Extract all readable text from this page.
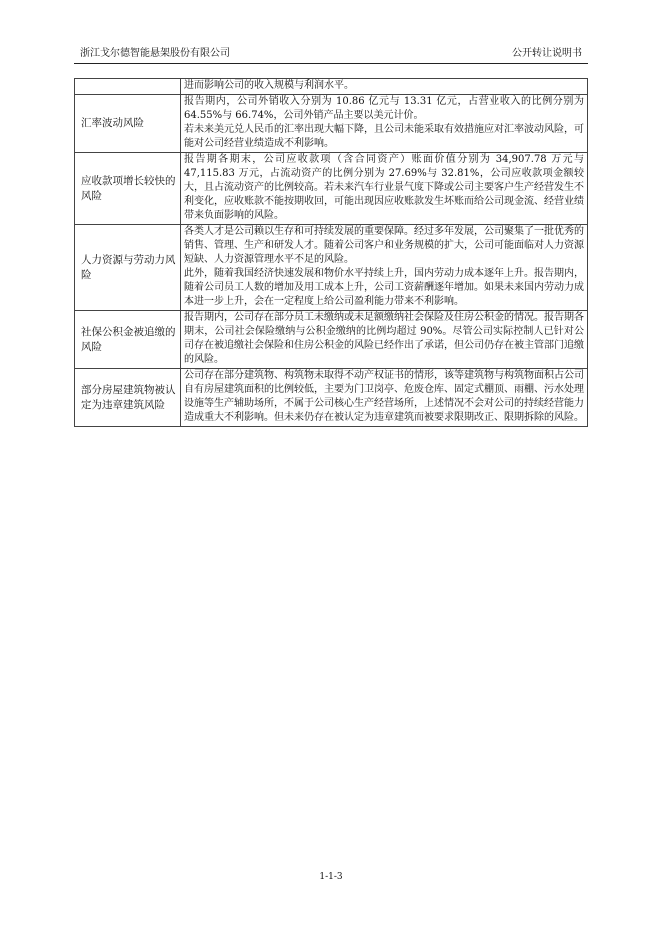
浙江戈尔德智能悬架股份有限公司	公开转让说明书

	进而影响公司的收入规模与利润水平。

汇率波动风险	报告期内，公司外销收入分别为 10.86 亿元与 13.31 亿元，占营业收入的比例分别为 64.55%与 66.74%，公司外销产品主要以美元计价。

若未来美元兑人民币的汇率出现大幅下降，且公司未能采取有效措施应对汇率波动风险，可能对公司经营业绩造成不利影响。

应收款项增长较快的风险	报告期各期末，公司应收款项（含合同资产）账面价值分别为 34,907.78 万元与 47,115.83 万元，占流动资产的比例分别为 27.69%与 32.81%，公司应收款项金额较大，且占流动资产的比例较高。若未来汽车行业景气度下降或公司主要客户生产经营发生不利变化，应收账款不能按期收回，可能出现因应收账款发生坏账而给公司现金流、经营业绩带来负面影响的风险。

人力资源与劳动力风险	各类人才是公司赖以生存和可持续发展的重要保障。经过多年发展，公司聚集了一批优秀的销售、管理、生产和研发人才。随着公司客户和业务规模的扩大，公司可能面临对人力资源短缺、人力资源管理水平不足的风险。

此外，随着我国经济快速发展和物价水平持续上升，国内劳动力成本逐年上升。报告期内，随着公司员工人数的增加及用工成本上升，公司工资薪酬逐年增加。如果未来国内劳动力成本进一步上升，会在一定程度上给公司盈利能力带来不利影响。

社保公积金被追缴的风险	报告期内，公司存在部分员工未缴纳或未足额缴纳社会保险及住房公积金的情况。报告期各期末，公司社会保险缴纳与公积金缴纳的比例均超过 90%。尽管公司实际控制人已针对公司存在被追缴社会保险和住房公积金的风险已经作出了承诺，但公司仍存在被主管部门追缴的风险。

部分房屋建筑物被认定为违章建筑风险	公司存在部分建筑物、构筑物未取得不动产权证书的情形，该等建筑物与构筑物面积占公司自有房屋建筑面积的比例较低，主要为门卫岗亭、危废仓库、固定式棚顶、雨棚、污水处理设施等生产辅助场所，不属于公司核心生产经营场所，上述情况不会对公司的持续经营能力造成重大不利影响。但未来仍存在被认定为违章建筑而被要求限期改正、限期拆除的风险。

1-1-3
